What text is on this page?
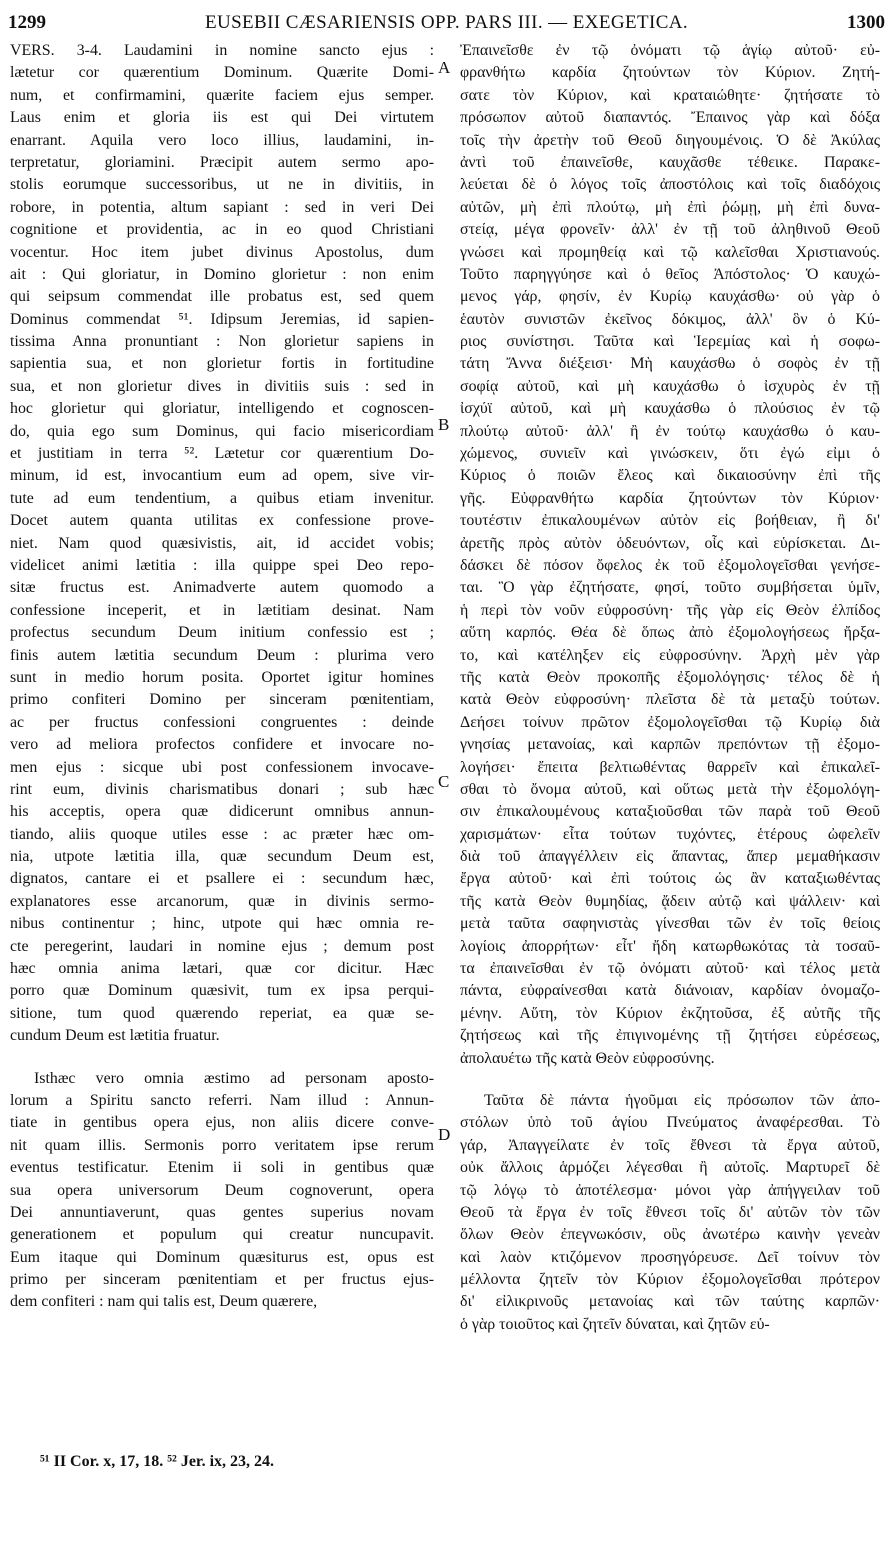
1299	EUSEBII CÆSARIENSIS OPP. PARS III. — EXEGETICA.	1300
VERS. 3-4. Laudamini in nomine sancto ejus :
lætetur cor quærentium Dominum. Quærite Domi-
num, et confirmamini, quærite faciem ejus semper.
Laus enim et gloria iis est qui Dei virtutem
enarrant. Aquila vero loco illius, laudamini, in-
terpretatur, gloriamini. Præcipit autem sermo apo-
stolis eorumque successoribus, ut ne in divitiis, in
robore, in potentia, altum sapiant : sed in veri Dei
cognitione et providentia, ac in eo quod Christiani
vocentur. Hoc item jubet divinus Apostolus, dum
ait : Qui gloriatur, in Domino glorietur : non enim
qui seipsum commendat ille probatus est, sed quem
Dominus commendat ⁵¹. Idipsum Jeremias, id sapien-
tissima Anna pronuntiant : Non glorietur sapiens in
sapientia sua, et non glorietur fortis in fortitudine
sua, et non glorietur dives in divitiis suis : sed in
hoc glorietur qui gloriatur, intelligendo et cognoscen-
do, quia ego sum Dominus, qui facio misericordiam
et justitiam in terra ⁵². Lætetur cor quærentium Do-
minum, id est, invocantium eum ad opem, sive vir-
tute ad eum tendentium, a quibus etiam invenitur.
Docet autem quanta utilitas ex confessione prove-
niet. Nam quod quæsivistis, ait, id accidet vobis;
videlicet animi lætitia : illa quippe spei Deo repo-
sitæ fructus est. Animadverte autem quomodo a
confessione inceperit, et in lætitiam desinat. Nam
profectus secundum Deum initium confessio est ;
finis autem lætitia secundum Deum : plurima vero
sunt in medio horum posita. Oportet igitur homines
primo confiteri Domino per sinceram pœnitentiam,
ac per fructus confessioni congruentes : deinde
vero ad meliora profectos confidere et invocare no-
men ejus : sicque ubi post confessionem invocave-
rint eum, divinis charismatibus donari ; sub hæc
his acceptis, opera quæ didicerunt omnibus annun-
tiando, aliis quoque utiles esse : ac præter hæc om-
nia, utpote lætitia illa, quæ secundum Deum est,
dignatos, cantare ei et psallere ei : secundum hæc,
explanatores esse arcanorum, quæ in divinis sermo-
nibus continentur ; hinc, utpote qui hæc omnia re-
cte peregerint, laudari in nomine ejus ; demum post
hæc omnia anima lætari, quæ cor dicitur. Hæc
porro quæ Dominum quæsivit, tum ex ipsa perqui-
sitione, tum quod quærendo reperiat, ea quæ se-
cundum Deum est lætitia fruatur.
Isthæc vero omnia æstimo ad personam aposto-
lorum a Spiritu sancto referri. Nam illud : Annun-
tiate in gentibus opera ejus, non aliis dicere conve-
nit quam illis. Sermonis porro veritatem ipse rerum
eventus testificatur. Etenim ii soli in gentibus quæ
sua opera universorum Deum cognoverunt, opera
Dei annuntiaverunt, quas gentes superius novam
generationem et populum qui creatur nuncupavit.
Eum itaque qui Dominum quæsiturus est, opus est
primo per sinceram pœnitentiam et per fructus ejus-
dem confiteri : nam qui talis est, Deum quærere,
Ἐπαινεῖσθε ἐν τῷ ὀνόματι τῷ ἁγίῳ αὐτοῦ· εὐ-
φρανθήτω καρδία ζητούντων τὸν Κύριον. Ζητή-
σατε τὸν Κύριον, καὶ κραταιώθητε· ζητήσατε τὸ
πρόσωπον αὐτοῦ διαπαντός. Ἔπαινος γὰρ καὶ δόξα
τοῖς τὴν ἀρετὴν τοῦ Θεοῦ διηγουμένοις. Ὁ δὲ Ἀκύλας
ἀντὶ τοῦ ἐπαινεῖσθε, καυχᾶσθε τέθεικε. Παρακε-
λεύεται δὲ ὁ λόγος τοῖς ἀποστόλοις καὶ τοῖς διαδόχοις
αὐτῶν, μὴ ἐπὶ πλούτῳ, μὴ ἐπὶ ῥώμῃ, μὴ ἐπὶ δυνα-
στείᾳ, μέγα φρονεῖν· ἀλλ' ἐν τῇ τοῦ ἀληθινοῦ Θεοῦ
γνώσει καὶ προμηθείᾳ καὶ τῷ καλεῖσθαι Χριστιανούς.
Τοῦτο παρηγγύησε καὶ ὁ θεῖος Ἀπόστολος· Ὁ καυχώ-
μενος γάρ, φησίν, ἐν Κυρίῳ καυχάσθω· οὐ γὰρ ὁ
ἑαυτὸν συνιστῶν ἐκεῖνος δόκιμος, ἀλλ' ὃν ὁ Κύ-
ριος συνίστησι. Ταῦτα καὶ Ἱερεμίας καὶ ἡ σοφω-
τάτη Ἄννα διέξεισι· Μὴ καυχάσθω ὁ σοφὸς ἐν τῇ
σοφίᾳ αὐτοῦ, καὶ μὴ καυχάσθω ὁ ἰσχυρὸς ἐν τῇ
ἰσχύϊ αὐτοῦ, καὶ μὴ καυχάσθω ὁ πλούσιος ἐν τῷ
πλούτῳ αὐτοῦ· ἀλλ' ἢ ἐν τούτῳ καυχάσθω ὁ καυ-
χώμενος, συνιεῖν καὶ γινώσκειν, ὅτι ἐγώ εἰμι ὁ
Κύριος ὁ ποιῶν ἔλεος καὶ δικαιοσύνην ἐπὶ τῆς
γῆς. Εὐφρανθήτω καρδία ζητούντων τὸν Κύριον·
τουτέστιν ἐπικαλουμένων αὐτὸν εἰς βοήθειαν, ἢ δι'
ἀρετῆς πρὸς αὐτὸν ὁδευόντων, οἷς καὶ εὑρίσκεται. Δι-
δάσκει δὲ πόσον ὄφελος ἐκ τοῦ ἐξομολογεῖσθαι γενήσε-
ται. Ὃ γὰρ ἐζητήσατε, φησί, τοῦτο συμβήσεται ὑμῖν,
ἡ περὶ τὸν νοῦν εὐφροσύνη· τῆς γὰρ εἰς Θεὸν ἐλπίδος
αὕτη καρπός. Θέα δὲ ὅπως ἀπὸ ἐξομολογήσεως ἤρξα-
το, καὶ κατέληξεν εἰς εὐφροσύνην. Ἀρχὴ μὲν γὰρ
τῆς κατὰ Θεὸν προκοπῆς ἐξομολόγησις· τέλος δὲ ἡ
κατὰ Θεὸν εὐφροσύνη· πλεῖστα δὲ τὰ μεταξὺ τούτων.
Δεήσει τοίνυν πρῶτον ἐξομολογεῖσθαι τῷ Κυρίῳ διὰ
γνησίας μετανοίας, καὶ καρπῶν πρεπόντων τῇ ἐξομο-
λογήσει· ἔπειτα βελτιωθέντας θαρρεῖν καὶ ἐπικαλεῖ-
σθαι τὸ ὄνομα αὐτοῦ, καὶ οὕτως μετὰ τὴν ἐξομολόγη-
σιν ἐπικαλουμένους καταξιοῦσθαι τῶν παρὰ τοῦ Θεοῦ
χαρισμάτων· εἶτα τούτων τυχόντες, ἑτέρους ὠφελεῖν
διὰ τοῦ ἀπαγγέλλειν εἰς ἅπαντας, ἅπερ μεμαθήκασιν
ἔργα αὐτοῦ· καὶ ἐπὶ τούτοις ὡς ἂν καταξιωθέντας
τῆς κατὰ Θεὸν θυμηδίας, ᾄδειν αὐτῷ καὶ ψάλλειν· καὶ
μετὰ ταῦτα σαφηνιστὰς γίνεσθαι τῶν ἐν τοῖς θείοις
λογίοις ἀπορρήτων· εἶτ' ἤδη κατωρθωκότας τὰ τοσαῦ-
τα ἐπαινεῖσθαι ἐν τῷ ὀνόματι αὐτοῦ· καὶ τέλος μετὰ
πάντα, εὐφραίνεσθαι κατὰ διάνοιαν, καρδίαν ὀνομαζο-
μένην. Αὕτη, τὸν Κύριον ἐκζητοῦσα, ἐξ αὐτῆς τῆς
ζητήσεως καὶ τῆς ἐπιγινομένης τῇ ζητήσει εὑρέσεως,
ἀπολαυέτω τῆς κατὰ Θεὸν εὐφροσύνης.
Ταῦτα δὲ πάντα ἡγοῦμαι εἰς πρόσωπον τῶν ἀπο-
στόλων ὑπὸ τοῦ ἁγίου Πνεύματος ἀναφέρεσθαι. Τὸ
γάρ, Ἀπαγγείλατε ἐν τοῖς ἔθνεσι τὰ ἔργα αὐτοῦ,
οὐκ ἄλλοις ἁρμόζει λέγεσθαι ἢ αὐτοῖς. Μαρτυρεῖ δὲ
τῷ λόγῳ τὸ ἀποτέλεσμα· μόνοι γὰρ ἀπήγγειλαν τοῦ
Θεοῦ τὰ ἔργα ἐν τοῖς ἔθνεσι τοῖς δι' αὐτῶν τὸν τῶν
ὅλων Θεὸν ἐπεγνωκόσιν, οὓς ἀνωτέρω καινὴν γενεὰν
καὶ λαὸν κτιζόμενον προσηγόρευσε. Δεῖ τοίνυν τὸν
μέλλοντα ζητεῖν τὸν Κύριον ἐξομολογεῖσθαι πρότερον
δι' εἰλικρινοῦς μετανοίας καὶ τῶν ταύτης καρπῶν·
ὁ γὰρ τοιοῦτος καὶ ζητεῖν δύναται, καὶ ζητῶν εὑ-
A
B
C
D
⁵¹ II Cor. x, 17, 18. ⁵² Jer. ix, 23, 24.
